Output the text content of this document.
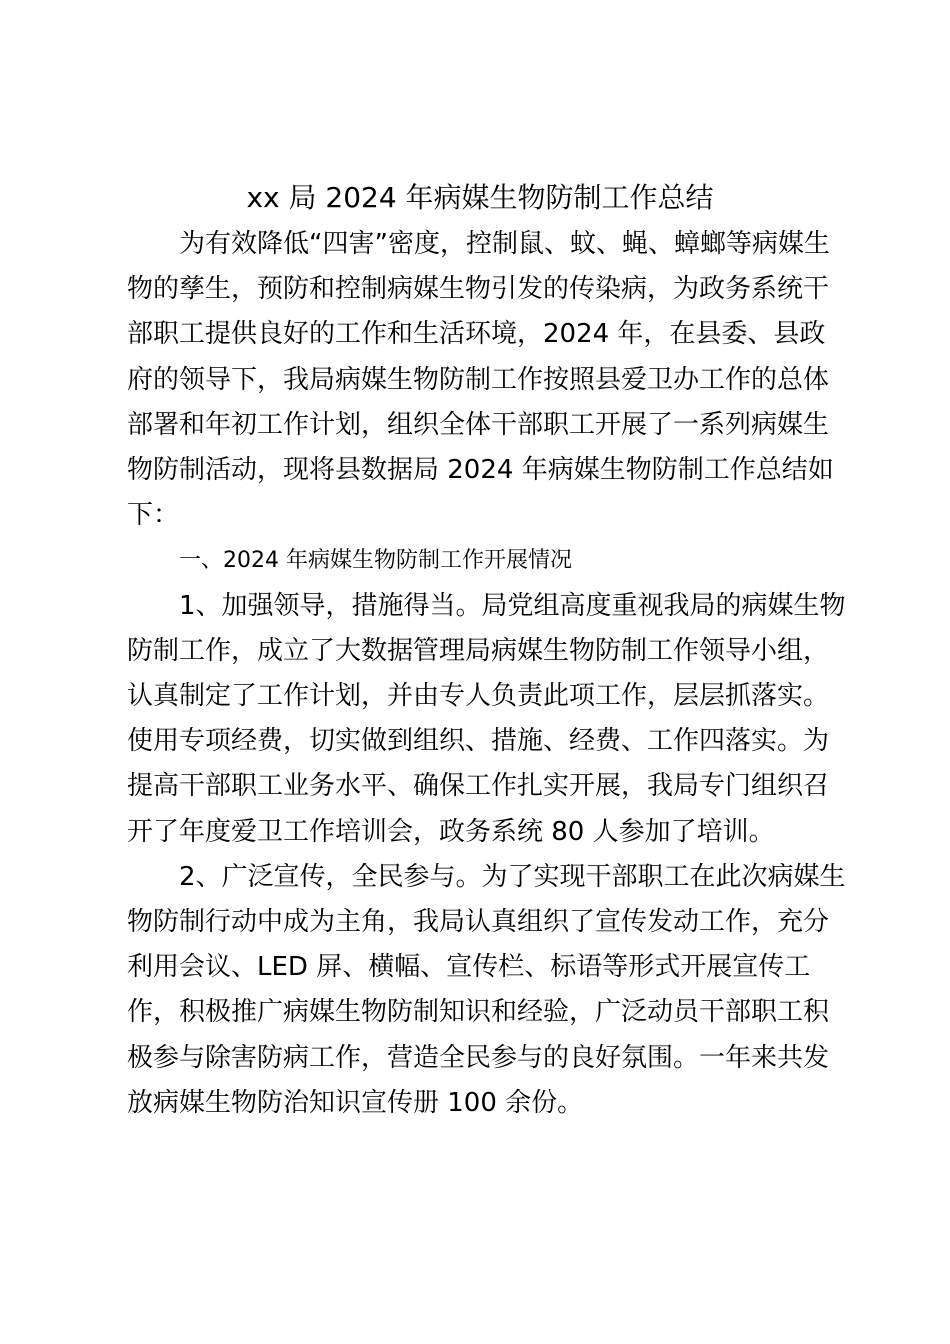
xx 局 2024 年病媒生物防制工作总结

为有效降低“四害”密度，控制鼠、蚊、蝇、蟑螂等病媒生
物的孳生，预防和控制病媒生物引发的传染病，为政务系统干
部职工提供良好的工作和生活环境，2024 年，在县委、县政
府的领导下，我局病媒生物防制工作按照县爱卫办工作的总体
部署和年初工作计划，组织全体干部职工开展了一系列病媒生
物防制活动，现将县数据局 2024 年病媒生物防制工作总结如
下：

一、2024 年病媒生物防制工作开展情况

1、加强领导，措施得当。局党组高度重视我局的病媒生物
防制工作，成立了大数据管理局病媒生物防制工作领导小组，
认真制定了工作计划，并由专人负责此项工作，层层抓落实。
使用专项经费，切实做到组织、措施、经费、工作四落实。为
提高干部职工业务水平、确保工作扎实开展，我局专门组织召
开了年度爱卫工作培训会，政务系统 80 人参加了培训。

2、广泛宣传，全民参与。为了实现干部职工在此次病媒生
物防制行动中成为主角，我局认真组织了宣传发动工作，充分
利用会议、LED 屏、横幅、宣传栏、标语等形式开展宣传工
作，积极推广病媒生物防制知识和经验，广泛动员干部职工积
极参与除害防病工作，营造全民参与的良好氛围。一年来共发
放病媒生物防治知识宣传册 100 余份。
